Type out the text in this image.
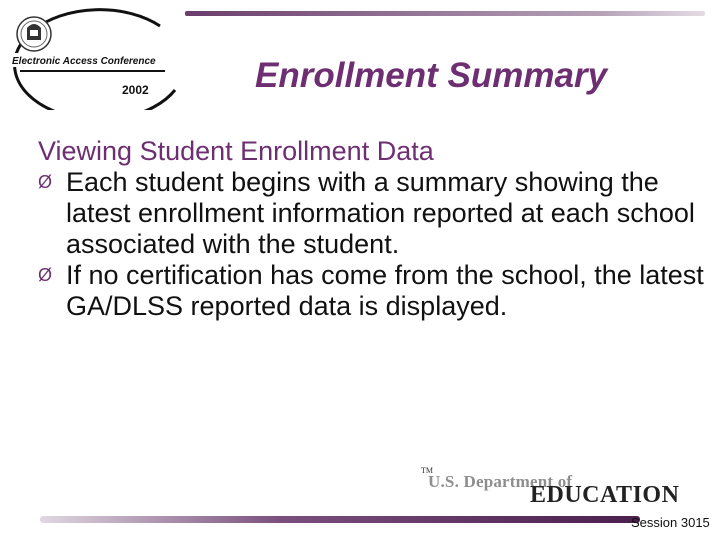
Electronic Access Conference
2002	Enrollment Summary
Viewing Student Enrollment Data
Ø Each student begins with a summary showing the latest enrollment information reported at each school associated with the student.
Ø If no certification has come from the school, the latest GA/DLSS reported data is displayed.
TM
U.S. Department of
EDUCATION
Session 3015
